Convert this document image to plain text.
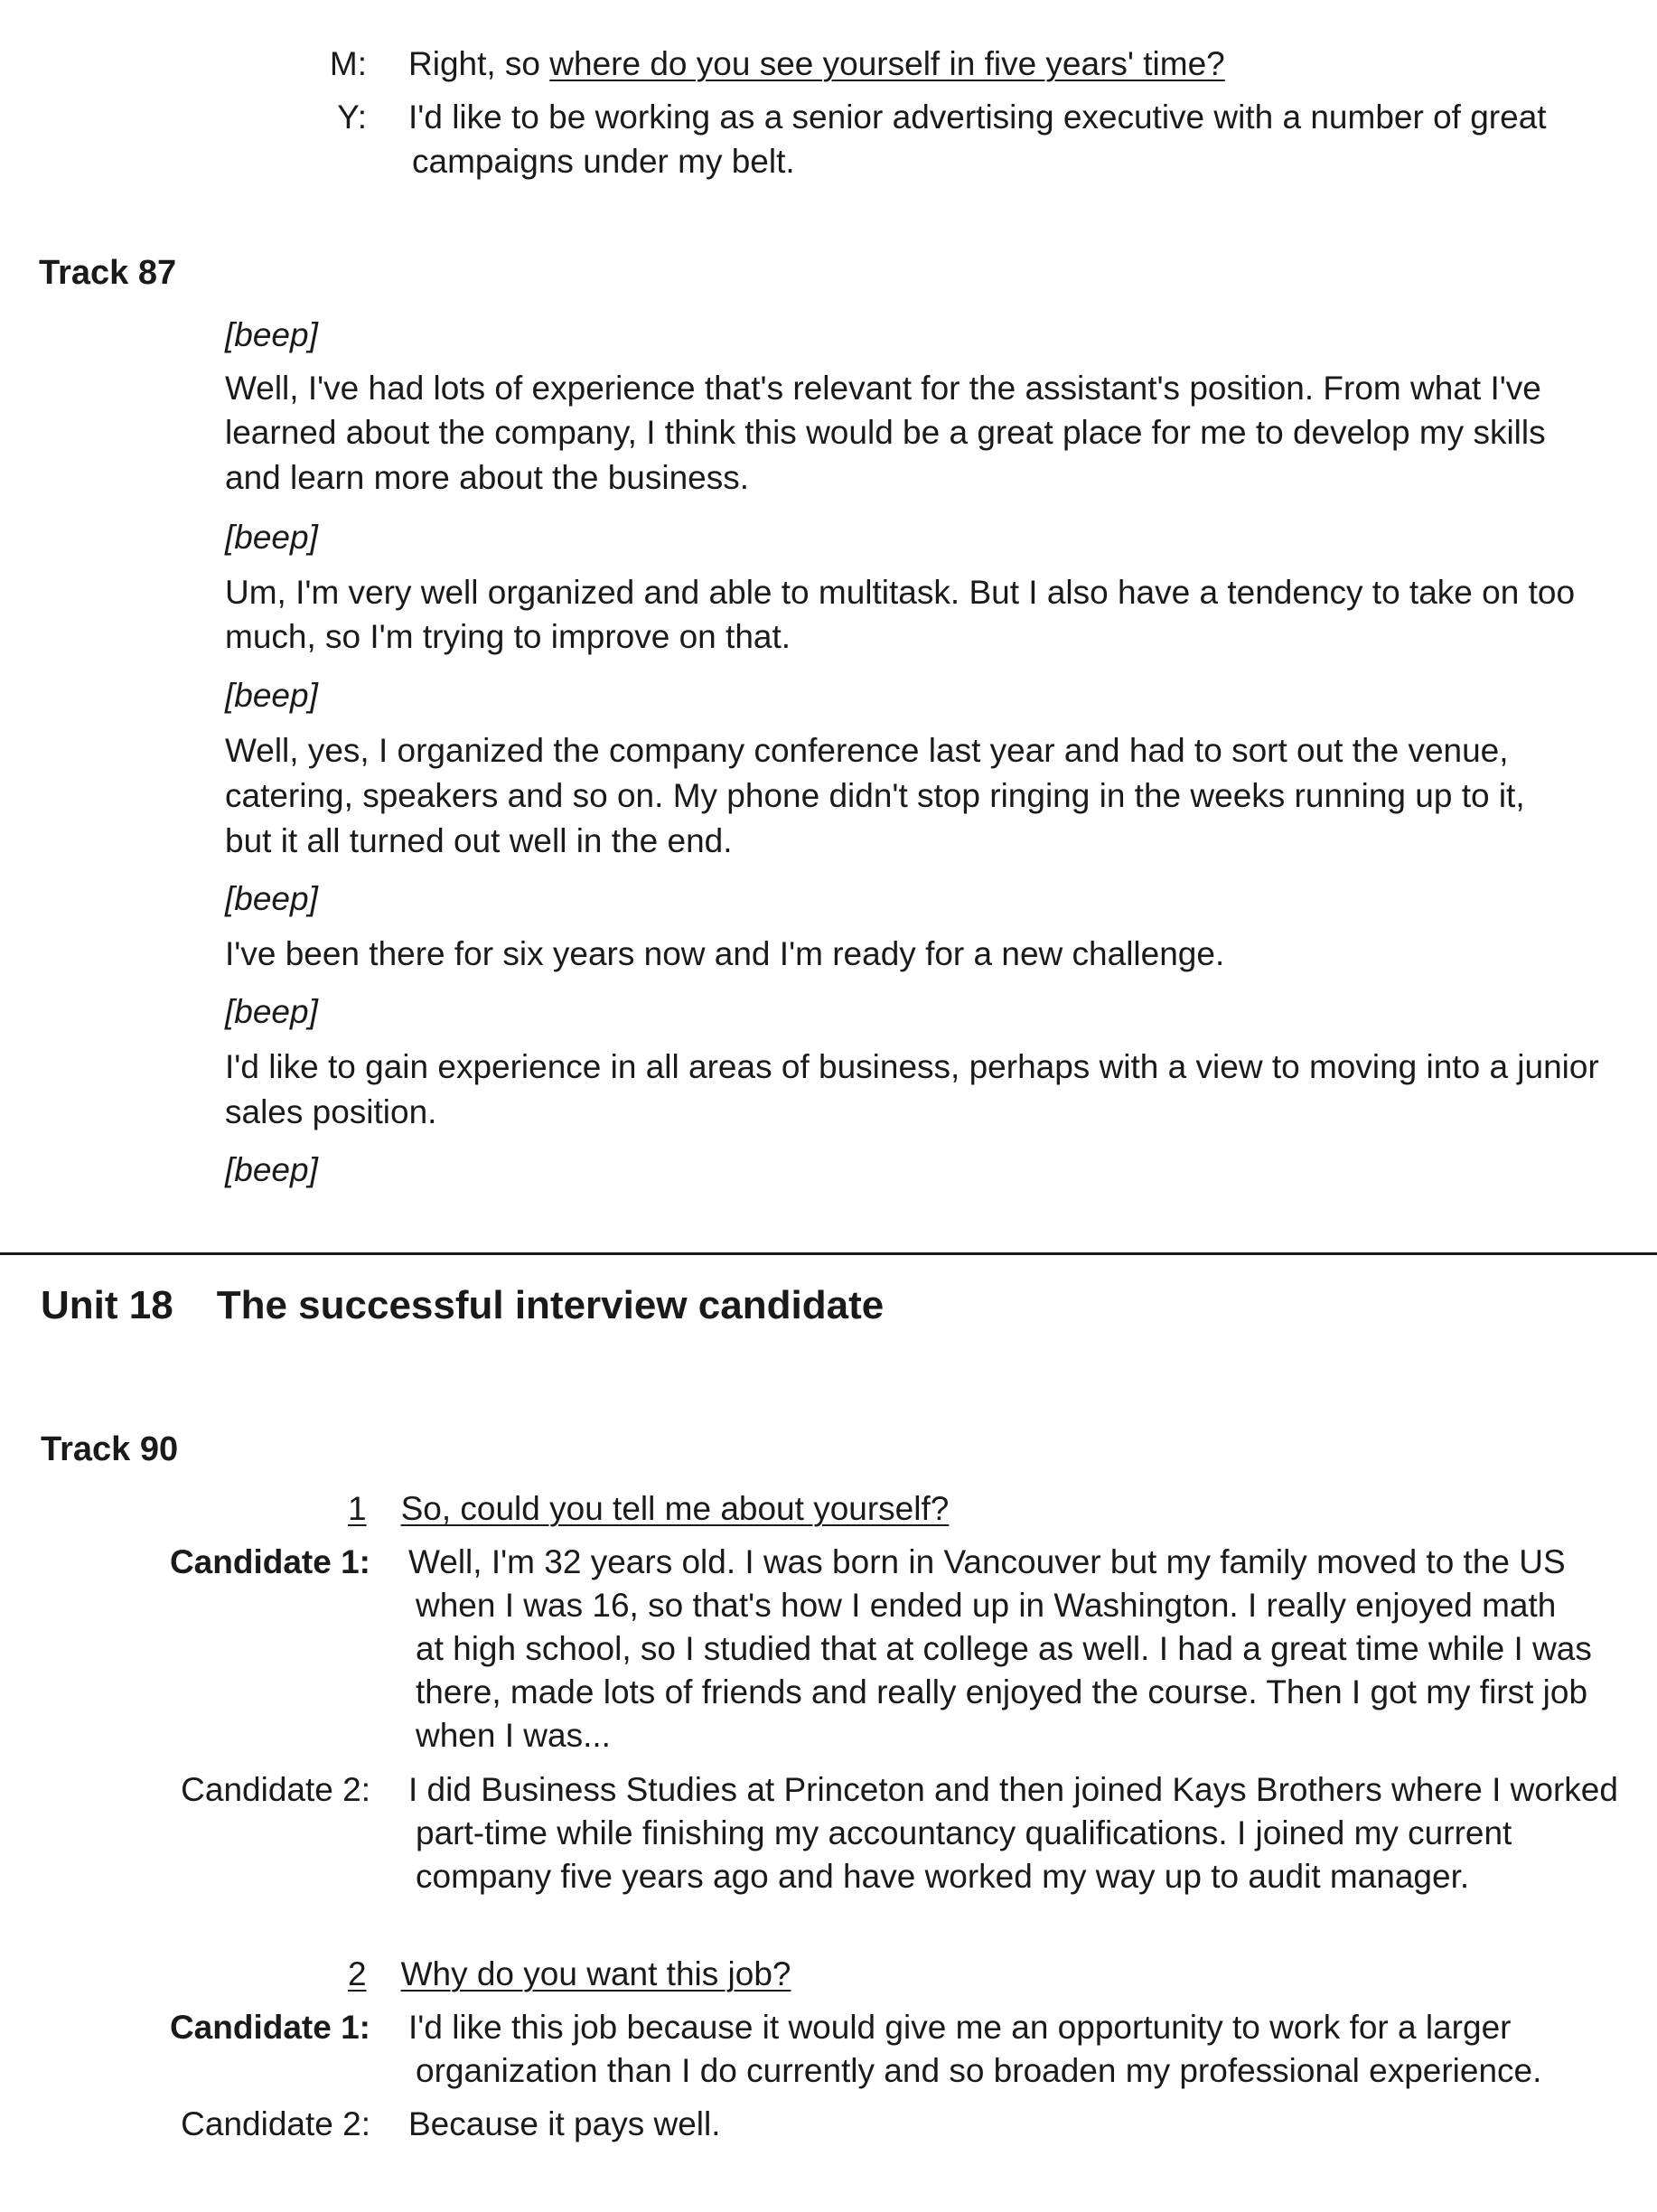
M: Right, so where do you see yourself in five years' time?
Y: I'd like to be working as a senior advertising executive with a number of great
campaigns under my belt.
Track 87
[beep]
Well, I've had lots of experience that's relevant for the assistant's position. From what I've
learned about the company, I think this would be a great place for me to develop my skills
and learn more about the business.
[beep]
Um, I'm very well organized and able to multitask. But I also have a tendency to take on too
much, so I'm trying to improve on that.
[beep]
Well, yes, I organized the company conference last year and had to sort out the venue,
catering, speakers and so on. My phone didn't stop ringing in the weeks running up to it,
but it all turned out well in the end.
[beep]
I've been there for six years now and I'm ready for a new challenge.
[beep]
I'd like to gain experience in all areas of business, perhaps with a view to moving into a junior
sales position.
[beep]
Unit 18 The successful interview candidate
Track 90
1 So, could you tell me about yourself?
Candidate 1: Well, I'm 32 years old. I was born in Vancouver but my family moved to the US
when I was 16, so that's how I ended up in Washington. I really enjoyed math
at high school, so I studied that at college as well. I had a great time while I was
there, made lots of friends and really enjoyed the course. Then I got my first job
when I was...
Candidate 2: I did Business Studies at Princeton and then joined Kays Brothers where I worked
part-time while finishing my accountancy qualifications. I joined my current
company five years ago and have worked my way up to audit manager.
2 Why do you want this job?
Candidate 1: I'd like this job because it would give me an opportunity to work for a larger
organization than I do currently and so broaden my professional experience.
Candidate 2: Because it pays well.
